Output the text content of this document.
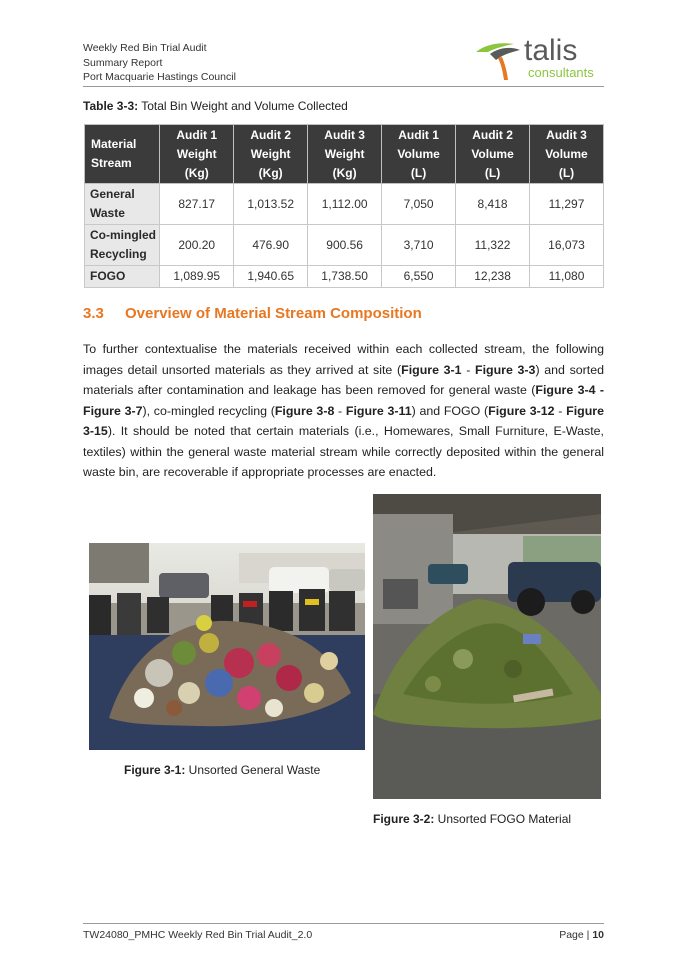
Weekly Red Bin Trial Audit
Summary Report
Port Macquarie Hastings Council
talis
consultants
Table 3-3: Total Bin Weight and Volume Collected
Material
Stream	Audit 1
Weight
(Kg)	Audit 2
Weight
(Kg)	Audit 3
Weight
(Kg)	Audit 1
Volume
(L)	Audit 2
Volume
(L)	Audit 3
Volume
(L)
General
Waste	827.17	1,013.52	1,112.00	7,050	8,418	11,297
Co-mingled
Recycling	200.20	476.90	900.56	3,710	11,322	16,073
FOGO	1,089.95	1,940.65	1,738.50	6,550	12,238	11,080
3.3 Overview of Material Stream Composition
To further contextualise the materials received within each collected stream, the following images detail unsorted materials as they arrived at site (Figure 3-1 - Figure 3-3) and sorted materials after contamination and leakage has been removed for general waste (Figure 3-4 - Figure 3-7), co-mingled recycling (Figure 3-8 - Figure 3-11) and FOGO (Figure 3-12 - Figure 3-15). It should be noted that certain materials (i.e., Homewares, Small Furniture, E-Waste, textiles) within the general waste material stream while correctly deposited within the general waste bin, are recoverable if appropriate processes are enacted.
Figure 3-1: Unsorted General Waste
Figure 3-2: Unsorted FOGO Material
TW24080_PMHC Weekly Red Bin Trial Audit_2.0	Page | 10
